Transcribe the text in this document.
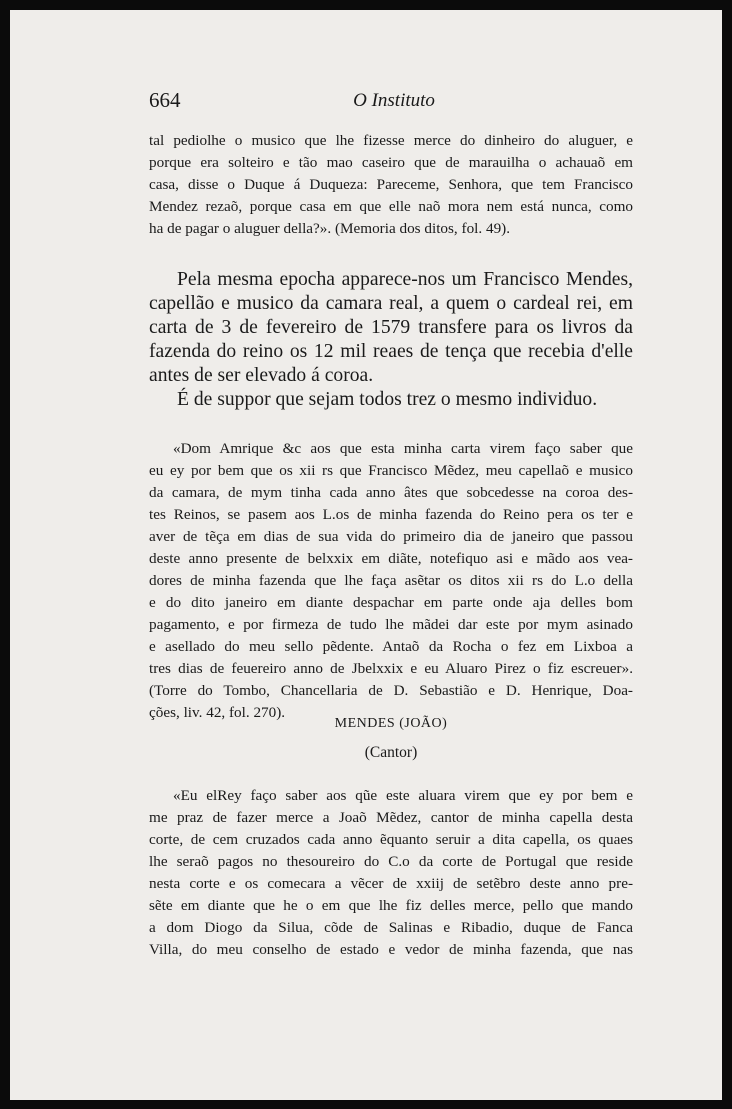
664	O Instituto
tal pediolhe o musico que lhe fizesse merce do dinheiro do aluguer, e
porque era solteiro e tão mao caseiro que de marauilha o achauaõ em
casa, disse o Duque á Duqueza: Pareceme, Senhora, que tem Francisco
Mendez rezaõ, porque casa em que elle naõ mora nem está nunca, como
ha de pagar o aluguer della?». (Memoria dos ditos, fol. 49).
Pela mesma epocha apparece-nos um Francisco Mendes,
capellão e musico da camara real, a quem o cardeal rei, em
carta de 3 de fevereiro de 1579 transfere para os livros da
fazenda do reino os 12 mil reaes de tença que recebia d'elle
antes de ser elevado á coroa.
É de suppor que sejam todos trez o mesmo individuo.
«Dom Amrique &c aos que esta minha carta virem faço saber que
eu ey por bem que os xii rs que Francisco Mẽdez, meu capellaõ e musico
da camara, de mym tinha cada anno âtes que sobcedesse na coroa des-
tes Reinos, se pasem aos L.os de minha fazenda do Reino pera os ter e
aver de tẽça em dias de sua vida do primeiro dia de janeiro que passou
deste anno presente de belxxix em diãte, notefiquo asi e mãdo aos vea-
dores de minha fazenda que lhe faça asẽtar os ditos xii rs do L.o della
e do dito janeiro em diante despachar em parte onde aja delles bom
pagamento, e por firmeza de tudo lhe mãdei dar este por mym asinado
e asellado do meu sello pẽdente. Antaõ da Rocha o fez em Lixboa a
tres dias de feuereiro anno de Jbelxxix e eu Aluaro Pirez o fiz escreuer».
(Torre do Tombo, Chancellaria de D. Sebastião e D. Henrique, Doa-
ções, liv. 42, fol. 270).
MENDES (JOÃO)
(Cantor)
«Eu elRey faço saber aos qũe este aluara virem que ey por bem e
me praz de fazer merce a Joaõ Mẽdez, cantor de minha capella desta
corte, de cem cruzados cada anno ẽquanto seruir a dita capella, os quaes
lhe seraõ pagos no thesoureiro do C.o da corte de Portugal que reside
nesta corte e os comecara a vẽcer de xxiij de setẽbro deste anno pre-
sẽte em diante que he o em que lhe fiz delles merce, pello que mando
a dom Diogo da Silua, cõde de Salinas e Ribadio, duque de Fanca
Villa, do meu conselho de estado e vedor de minha fazenda, que nas
